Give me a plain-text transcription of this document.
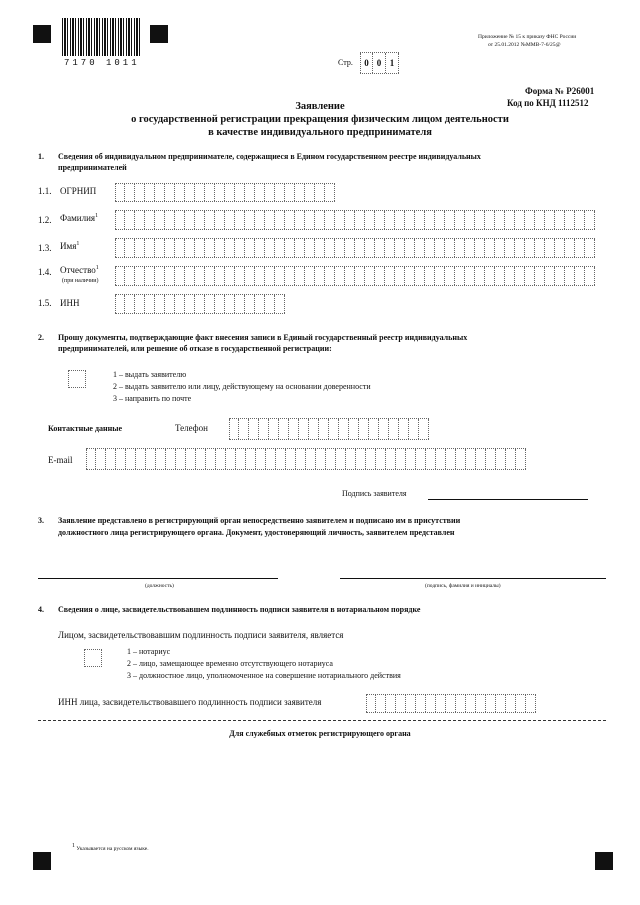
7170 1011	Стр.	0 0 1
Приложение № 15 к приказу ФНС России
от 25.01.2012 №ММВ-7-6/25@
Форма № Р26001
Код по КНД 1112512
Заявление
о государственной регистрации прекращения физическим лицом деятельности
в качестве индивидуального предпринимателя
1. Сведения об индивидуальном предпринимателе, содержащиеся в Едином государственном реестре индивидуальных
предпринимателей
1.1. ОГРНИП
1.2. Фамилия$^1$
1.3. Имя$^1$
1.4. Отчество$^1$
(при наличии)
1.5. ИНН
2. Прошу документы, подтверждающие факт внесения записи в Единый государственный реестр индивидуальных
предпринимателей, или решение об отказе в государственной регистрации:
1 – выдать заявителю
2 – выдать заявителю или лицу, действующему на основании доверенности
3 – направить по почте
Контактные данные	Телефон
E-mail
Подпись заявителя
3. Заявление представлено в регистрирующий орган непосредственно заявителем и подписано им в присутствии
должностного лица регистрирующего органа. Документ, удостоверяющий личность, заявителем представлен
(должность)	(подпись, фамилия и инициалы)
4. Сведения о лице, засвидетельствовавшем подлинность подписи заявителя в нотариальном порядке
Лицом, засвидетельствовавшим подлинность подписи заявителя, является
1 – нотариус
2 – лицо, замещающее временно отсутствующего нотариуса
3 – должностное лицо, уполномоченное на совершение нотариального действия
ИНН лица, засвидетельствовавшего подлинность подписи заявителя
Для служебных отметок регистрирующего органа
$^1$ Указывается на русском языке.
